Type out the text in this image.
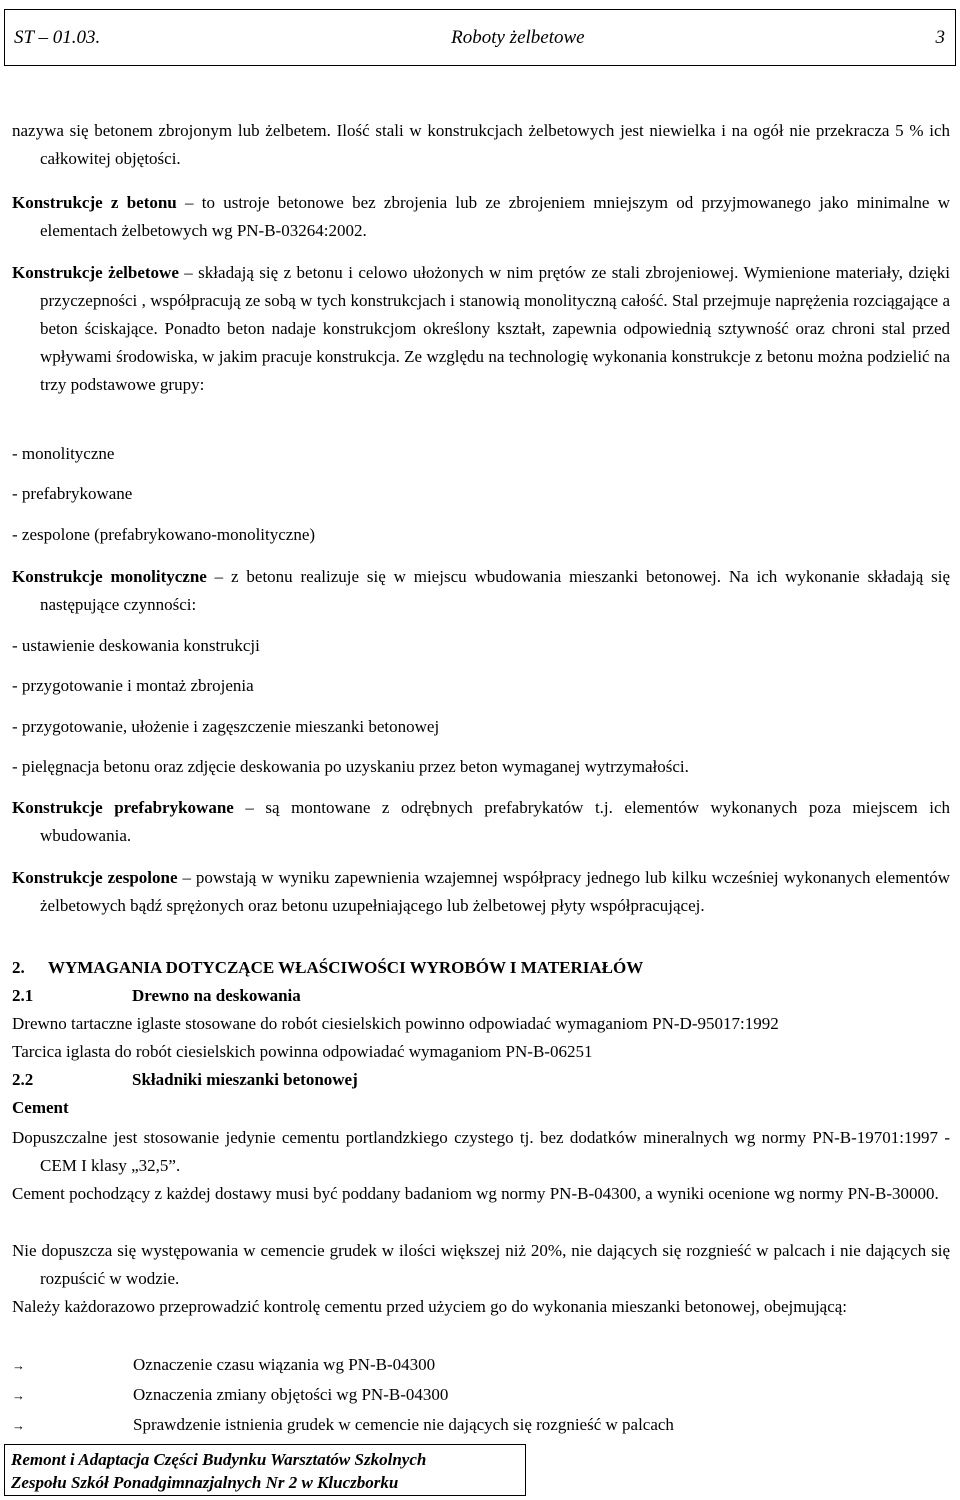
ST – 01.03.	Roboty żelbetowe	3

nazywa się betonem zbrojonym lub żelbetem. Ilość stali w konstrukcjach żelbetowych jest niewielka i na ogół nie przekracza 5 % ich całkowitej objętości.

Konstrukcje z betonu – to ustroje betonowe bez zbrojenia lub ze zbrojeniem mniejszym od przyjmowanego jako minimalne w elementach żelbetowych wg PN-B-03264:2002.

Konstrukcje żelbetowe – składają się z betonu i celowo ułożonych w nim prętów ze stali zbrojeniowej. Wymienione materiały, dzięki przyczepności , współpracują ze sobą w tych konstrukcjach i stanowią monolityczną całość. Stal przejmuje naprężenia rozciągające a beton ściskające. Ponadto beton nadaje konstrukcjom określony kształt, zapewnia odpowiednią sztywność oraz chroni stal przed wpływami środowiska, w jakim pracuje konstrukcja. Ze względu na technologię wykonania konstrukcje z betonu można podzielić na trzy podstawowe grupy:

- monolityczne
- prefabrykowane
- zespolone (prefabrykowano-monolityczne)

Konstrukcje monolityczne – z betonu realizuje się w miejscu wbudowania mieszanki betonowej. Na ich wykonanie składają się następujące czynności:

- ustawienie deskowania konstrukcji
- przygotowanie i montaż zbrojenia
- przygotowanie, ułożenie i zagęszczenie mieszanki betonowej
- pielęgnacja betonu oraz zdjęcie deskowania po uzyskaniu przez beton wymaganej wytrzymałości.

Konstrukcje prefabrykowane – są montowane z odrębnych prefabrykatów t.j. elementów wykonanych poza miejscem ich wbudowania.

Konstrukcje zespolone – powstają w wyniku zapewnienia wzajemnej współpracy jednego lub kilku wcześniej wykonanych elementów żelbetowych bądź sprężonych oraz betonu uzupełniającego lub żelbetowej płyty współpracującej.

2. WYMAGANIA DOTYCZĄCE WŁAŚCIWOŚCI WYROBÓW I MATERIAŁÓW
2.1	Drewno na deskowania
Drewno tartaczne iglaste stosowane do robót ciesielskich powinno odpowiadać wymaganiom PN-D-95017:1992
Tarcica iglasta do robót ciesielskich powinna odpowiadać wymaganiom PN-B-06251
2.2	Składniki mieszanki betonowej
Cement

Dopuszczalne jest stosowanie jedynie cementu portlandzkiego czystego tj. bez dodatków mineralnych wg normy PN-B-19701:1997 - CEM I klasy „32,5”.

Cement pochodzący z każdej dostawy musi być poddany badaniom wg normy PN-B-04300, a wyniki ocenione wg normy PN-B-30000.

Nie dopuszcza się występowania w cemencie grudek w ilości większej niż 20%, nie dających się rozgnieść w palcach i nie dających się rozpuścić w wodzie.

Należy każdorazowo przeprowadzić kontrolę cementu przed użyciem go do wykonania mieszanki betonowej, obejmującą:

→	Oznaczenie czasu wiązania wg PN-B-04300
→	Oznaczenia zmiany objętości wg PN-B-04300
→	Sprawdzenie istnienia grudek w cemencie nie dających się rozgnieść w palcach
Remont i Adaptacja Części Budynku Warsztatów Szkolnych
Zespołu Szkół Ponadgimnazjalnych Nr 2 w Kluczborku
